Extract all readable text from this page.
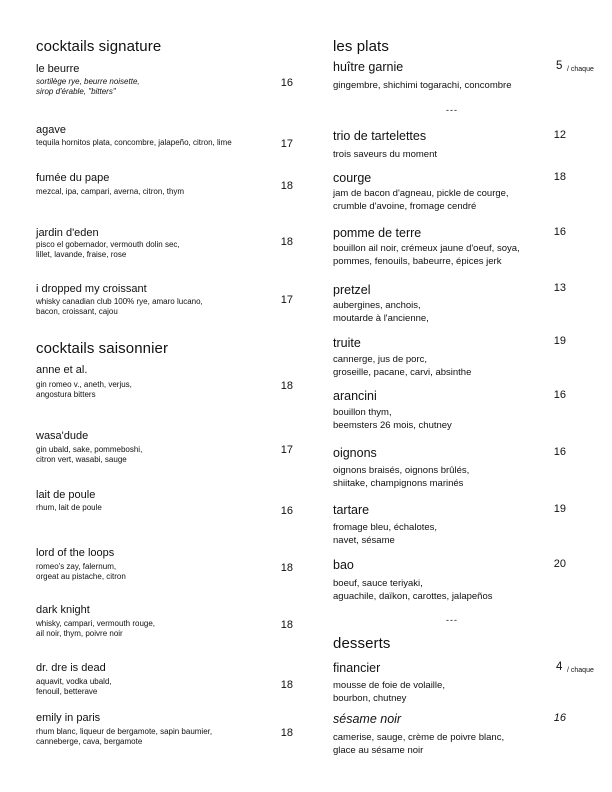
cocktails signature
le beurre
sortilège rye, beurre noisette,
sirop d'érable, "bitters"
16
agave
tequila hornitos plata, concombre, jalapeño, citron, lime	17
fumée du pape
mezcal, ipa, campari, averna, citron, thym	18
jardin d'eden
pisco el gobernador, vermouth dolin sec,
lillet, lavande, fraise, rose
18
i dropped my croissant
whisky canadian club 100% rye, amaro lucano,
bacon, croissant, cajou
17
cocktails saisonnier
anne et al.
gin romeo v., aneth, verjus,
angostura bitters
18
wasa'dude
gin ubald, sake, pommeboshi,
citron vert, wasabi, sauge
17
lait de poule
rhum, lait de poule	16
lord of the loops
romeo's zay, falernum,
orgeat au pistache, citron
18
dark knight
whisky, campari, vermouth rouge,
ail noir, thym, poivre noir
18
dr. dre is dead
aquavit, vodka ubald,
fenouil, betterave
18
emily in paris
rhum blanc, liqueur de bergamote, sapin baumier,
canneberge, cava, bergamote
18
les plats
huître garnie
gingembre, shichimi togarachi, concombre
5 / chaque
---
trio de tartelettes
trois saveurs du moment
12
courge
jam de bacon d'agneau, pickle de courge,
crumble d'avoine, fromage cendré
18
pomme de terre
bouillon ail noir, crémeux jaune d'oeuf, soya,
pommes, fenouils, babeurre, épices jerk
16
pretzel
aubergines, anchois,
moutarde à l'ancienne,
13
truite
cannerge, jus de porc,
groseille, pacane, carvi, absinthe
19
arancini
bouillon thym,
beemsters 26 mois, chutney
16
oignons
oignons braisés, oignons brûlés,
shiitake, champignons marinés
16
tartare
fromage bleu, échalotes,
navet, sésame
19
bao
boeuf, sauce teriyaki,
aguachile, daïkon, carottes, jalapeños
20
---
desserts
financier
mousse de foie de volaille,
bourbon, chutney
4 / chaque
sésame noir
camerise, sauge, crème de poivre blanc,
glace au sésame noir
16
